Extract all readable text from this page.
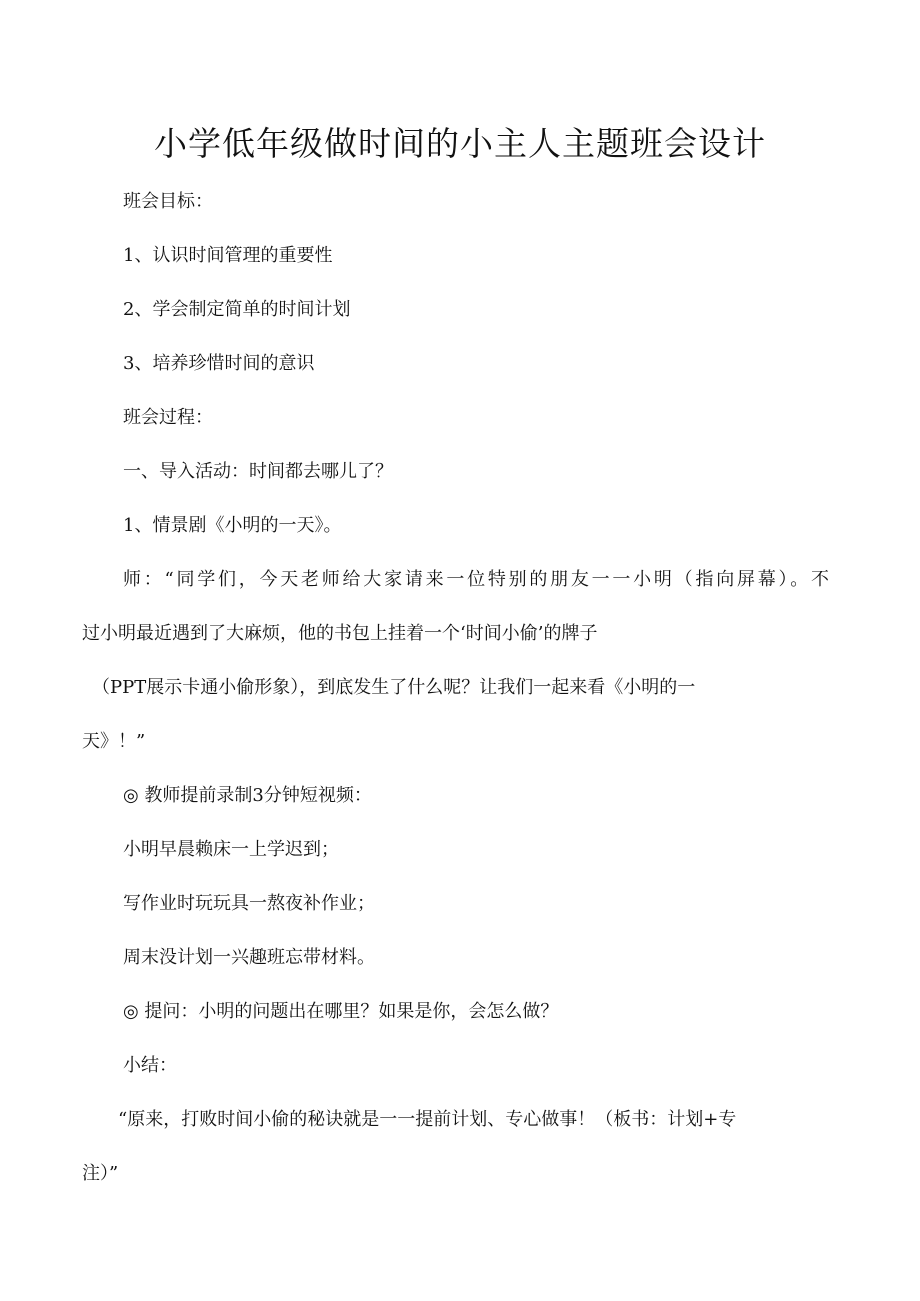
小学低年级做时间的小主人主题班会设计

班会目标：

1、认识时间管理的重要性

2、学会制定简单的时间计划

3、培养珍惜时间的意识

班会过程：

一、导入活动：时间都去哪儿了？

1、情景剧《小明的一天》。

师：“同学们，今天老师给大家请来一位特别的朋友一一小明（指向屏幕）。不

过小明最近遇到了大麻烦，他的书包上挂着一个‘时间小偷’的牌子

（PPT展示卡通小偷形象），到底发生了什么呢？让我们一起来看《小明的一

天》！”

◎ 教师提前录制3分钟短视频：

小明早晨赖床一上学迟到；

写作业时玩玩具一熬夜补作业；

周末没计划一兴趣班忘带材料。

◎ 提问：小明的问题出在哪里？如果是你，会怎么做？

小结：

“原来，打败时间小偷的秘诀就是一一提前计划、专心做事！（板书：计划+专

注）”
